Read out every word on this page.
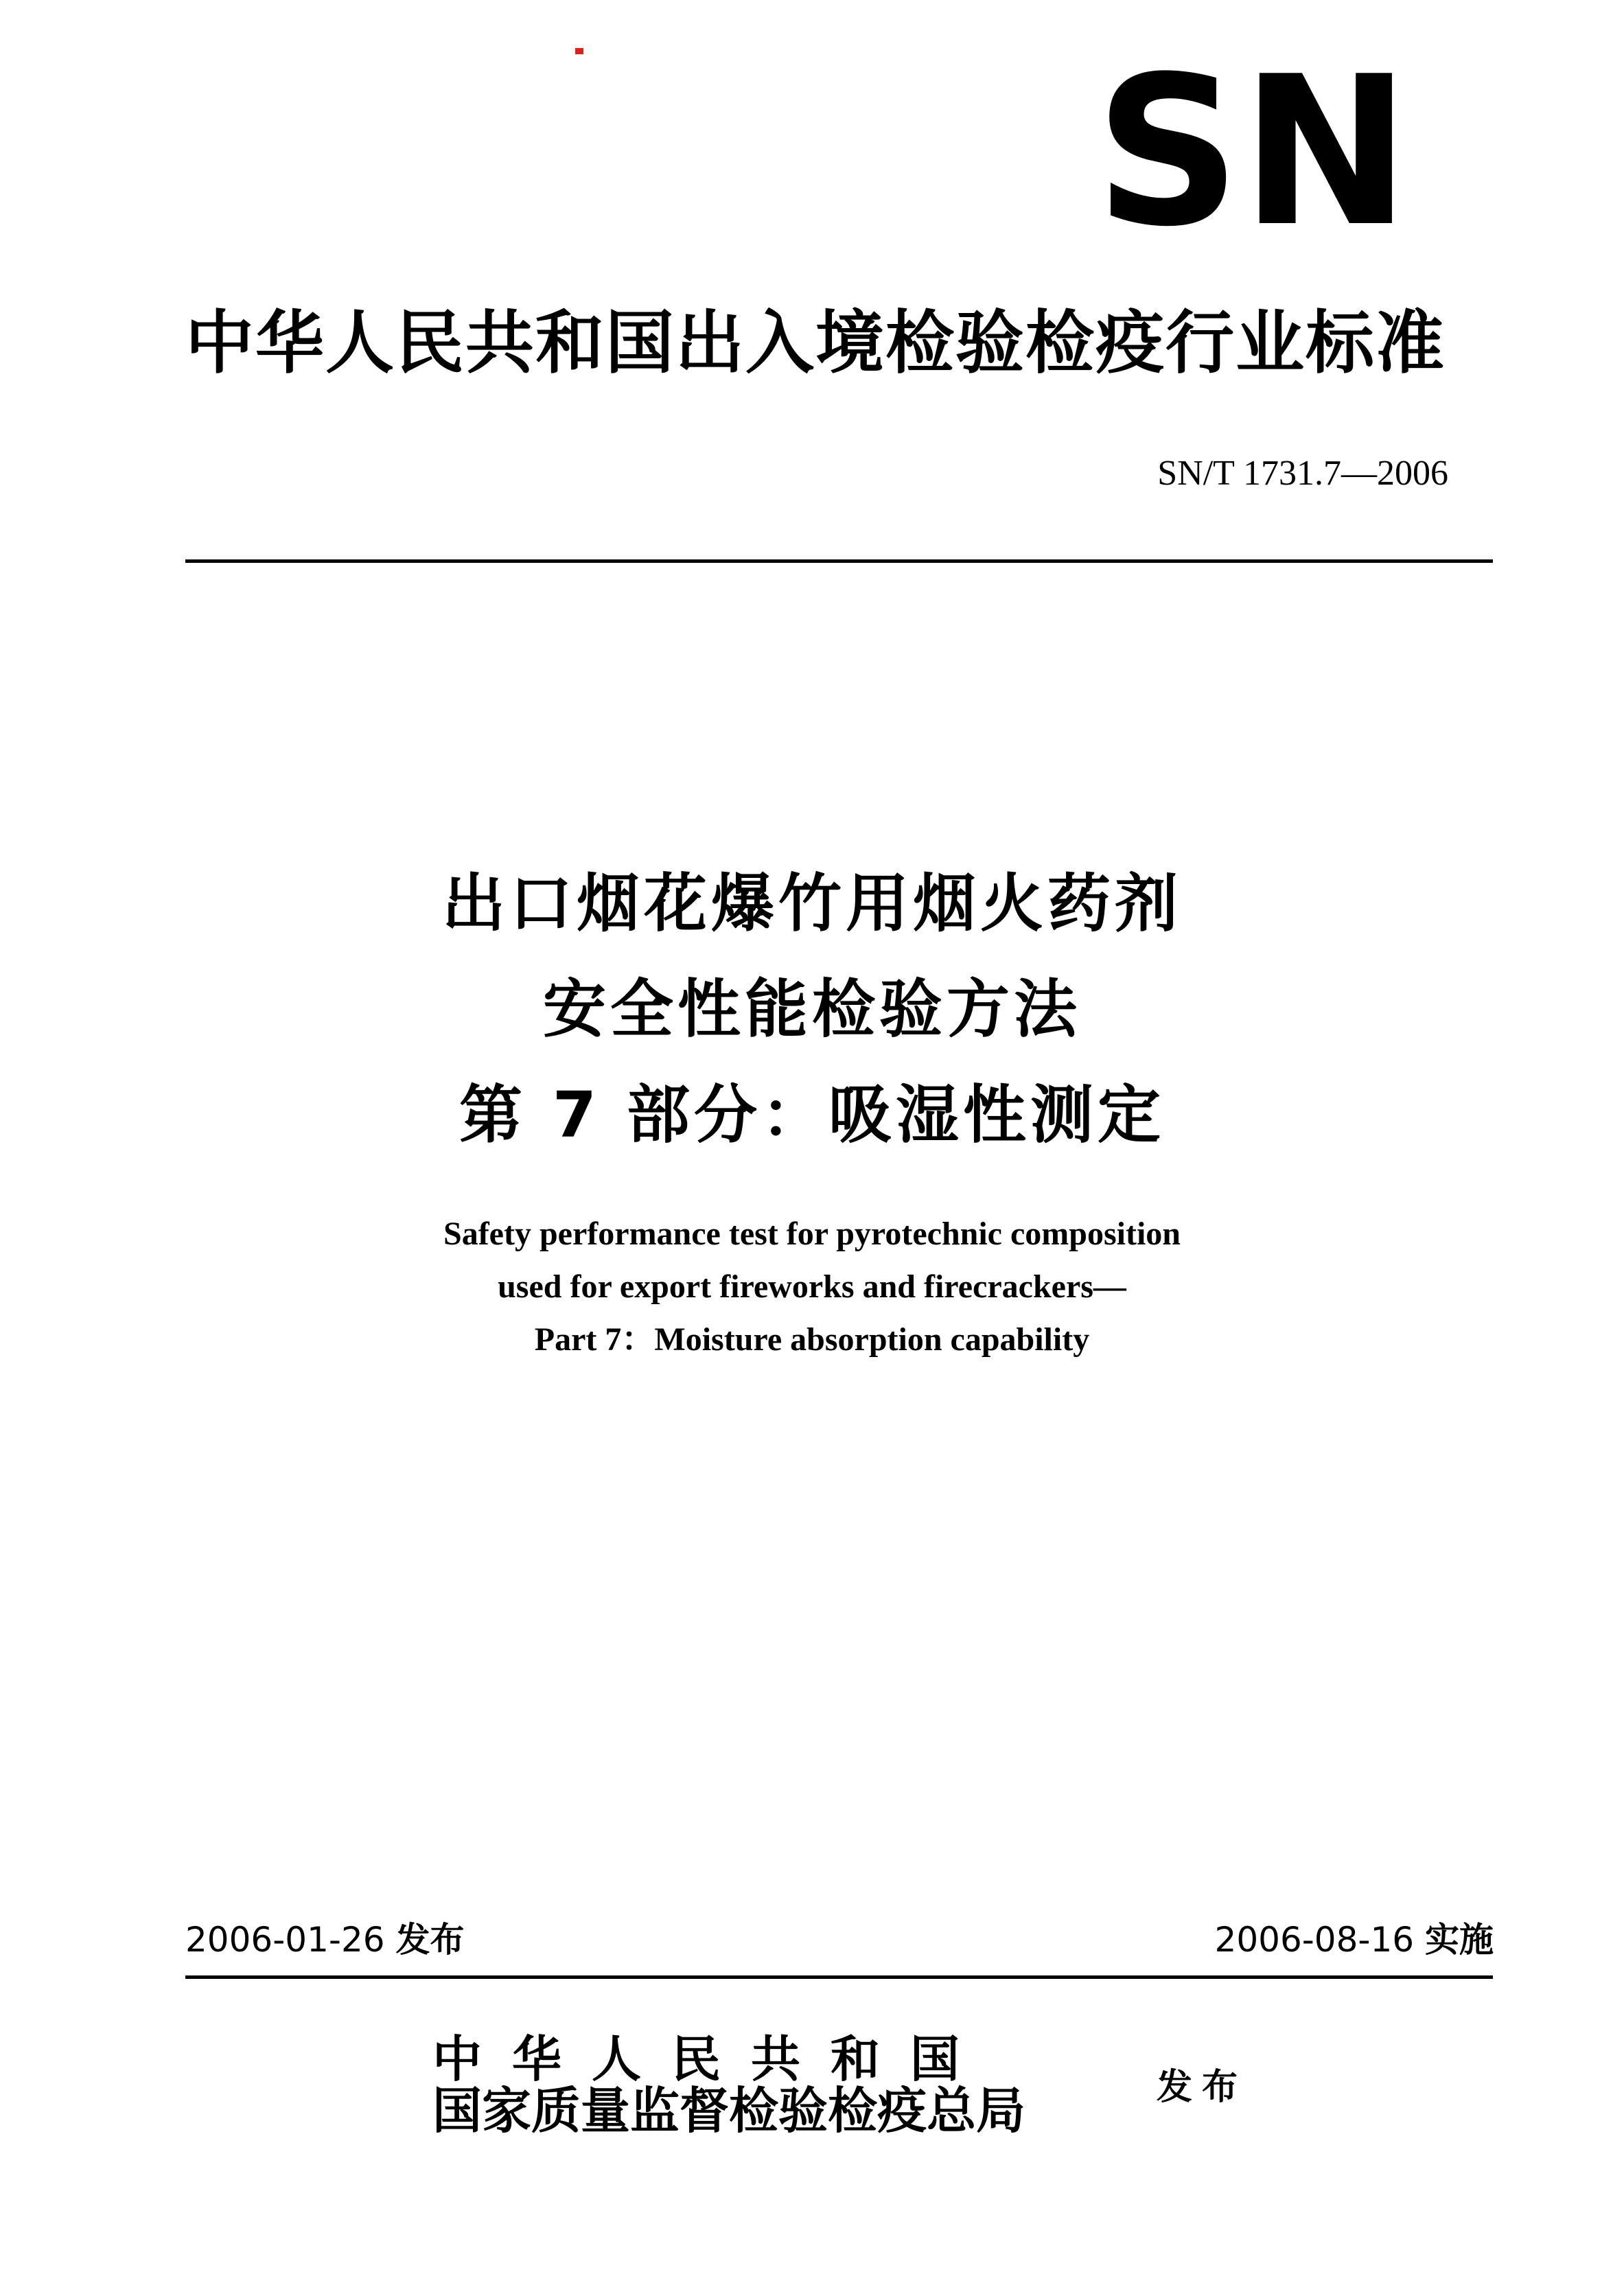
SN
中华人民共和国出入境检验检疫行业标准
SN/T 1731.7—2006
出口烟花爆竹用烟火药剂
安全性能检验方法
第 7 部分：吸湿性测定
Safety performance test for pyrotechnic composition
used for export fireworks and firecrackers—
Part 7：Moisture absorption capability
2006-01-26 发布	2006-08-16 实施
中华人民共和国
国家质量监督检验检疫总局	发布
